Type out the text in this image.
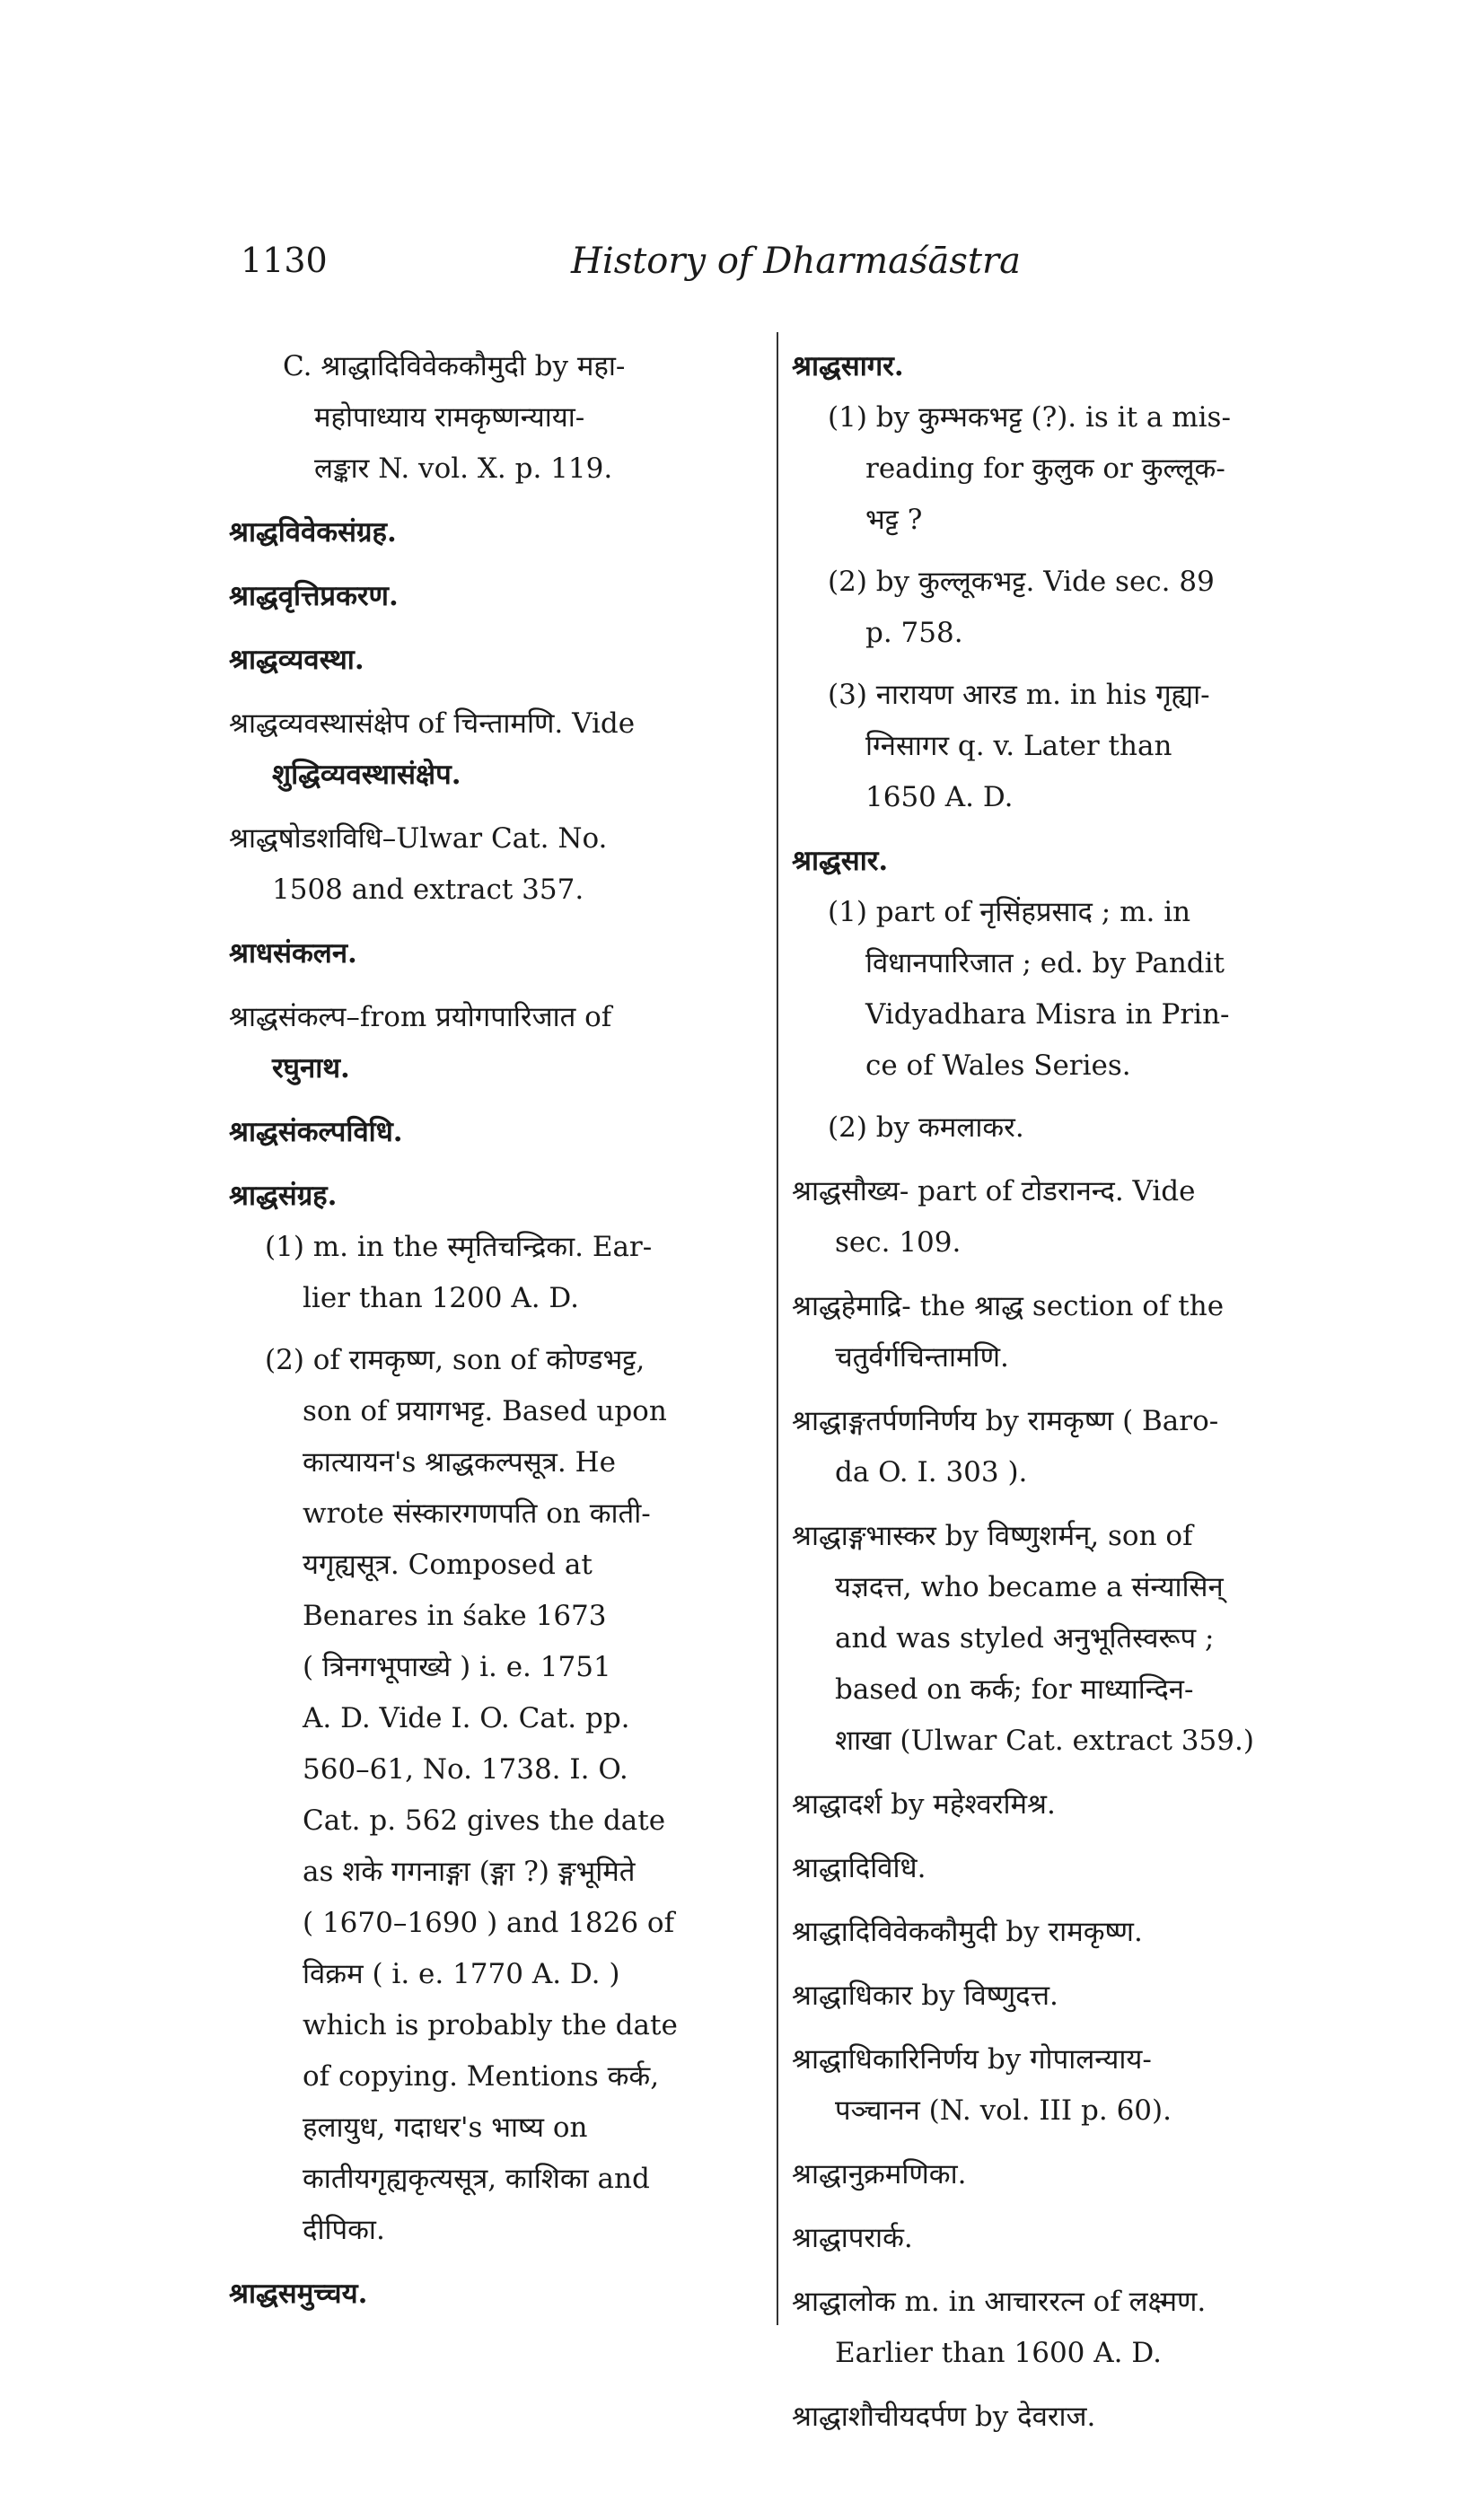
1130	History of Dharmaśāstra
C. श्राद्धादिविवेककौमुदी by महा-
महोपाध्याय रामकृष्णन्याया-
लङ्कार N. vol. X. p. 119.
श्राद्धविवेकसंग्रह.
श्राद्धवृत्तिप्रकरण.
श्राद्धव्यवस्था.
श्राद्धव्यवस्थासंक्षेप of चिन्तामणि. Vide
शुद्धिव्यवस्थासंक्षेप.
श्राद्धषोडशविधि–Ulwar Cat. No.
1508 and extract 357.
श्राधसंकलन.
श्राद्धसंकल्प–from प्रयोगपारिजात of
रघुनाथ.
श्राद्धसंकल्पविधि.
श्राद्धसंग्रह.
(1) m. in the स्मृतिचन्द्रिका. Ear-
lier than 1200 A. D.
(2) of रामकृष्ण, son of कोण्डभट्ट,
son of प्रयागभट्ट. Based upon
कात्यायन's श्राद्धकल्पसूत्र. He
wrote संस्कारगणपति on काती-
यगृह्यसूत्र. Composed at
Benares in śake 1673
( त्रिनगभूपाख्ये ) i. e. 1751
A. D. Vide I. O. Cat. pp.
560–61, No. 1738. I. O.
Cat. p. 562 gives the date
as शके गगनाङ्गा (ङ्गा ?) ङ्गभूमिते
( 1670–1690 ) and 1826 of
विक्रम ( i. e. 1770 A. D. )
which is probably the date
of copying. Mentions कर्क,
हलायुध, गदाधर's भाष्य on
कातीयगृह्यकृत्यसूत्र, काशिका and
दीपिका.
श्राद्धसमुच्चय.
श्राद्धसागर.
(1) by कुम्भकभट्ट (?). is it a mis-
reading for कुलुक or कुल्लूक-
भट्ट ?
(2) by कुल्लूकभट्ट. Vide sec. 89
p. 758.
(3) नारायण आरड m. in his गृह्या-
ग्निसागर q. v. Later than
1650 A. D.
श्राद्धसार.
(1) part of नृसिंहप्रसाद ; m. in
विधानपारिजात ; ed. by Pandit
Vidyadhara Misra in Prin-
ce of Wales Series.
(2) by कमलाकर.
श्राद्धसौख्य- part of टोडरानन्द. Vide
sec. 109.
श्राद्धहेमाद्रि- the श्राद्ध section of the
चतुर्वर्गचिन्तामणि.
श्राद्धाङ्गतर्पणनिर्णय by रामकृष्ण ( Baro-
da O. I. 303 ).
श्राद्धाङ्गभास्कर by विष्णुशर्मन्, son of
यज्ञदत्त, who became a संन्यासिन्
and was styled अनुभूतिस्वरूप ;
based on कर्क; for माध्यान्दिन-
शाखा (Ulwar Cat. extract 359.)
श्राद्धादर्श by महेश्वरमिश्र.
श्राद्धादिविधि.
श्राद्धादिविवेककौमुदी by रामकृष्ण.
श्राद्धाधिकार by विष्णुदत्त.
श्राद्धाधिकारिनिर्णय by गोपालन्याय-
पञ्चानन (N. vol. III p. 60).
श्राद्धानुक्रमणिका.
श्राद्धापरार्क.
श्राद्धालोक m. in आचाररत्न of लक्ष्मण.
Earlier than 1600 A. D.
श्राद्धाशौचीयदर्पण by देवराज.
